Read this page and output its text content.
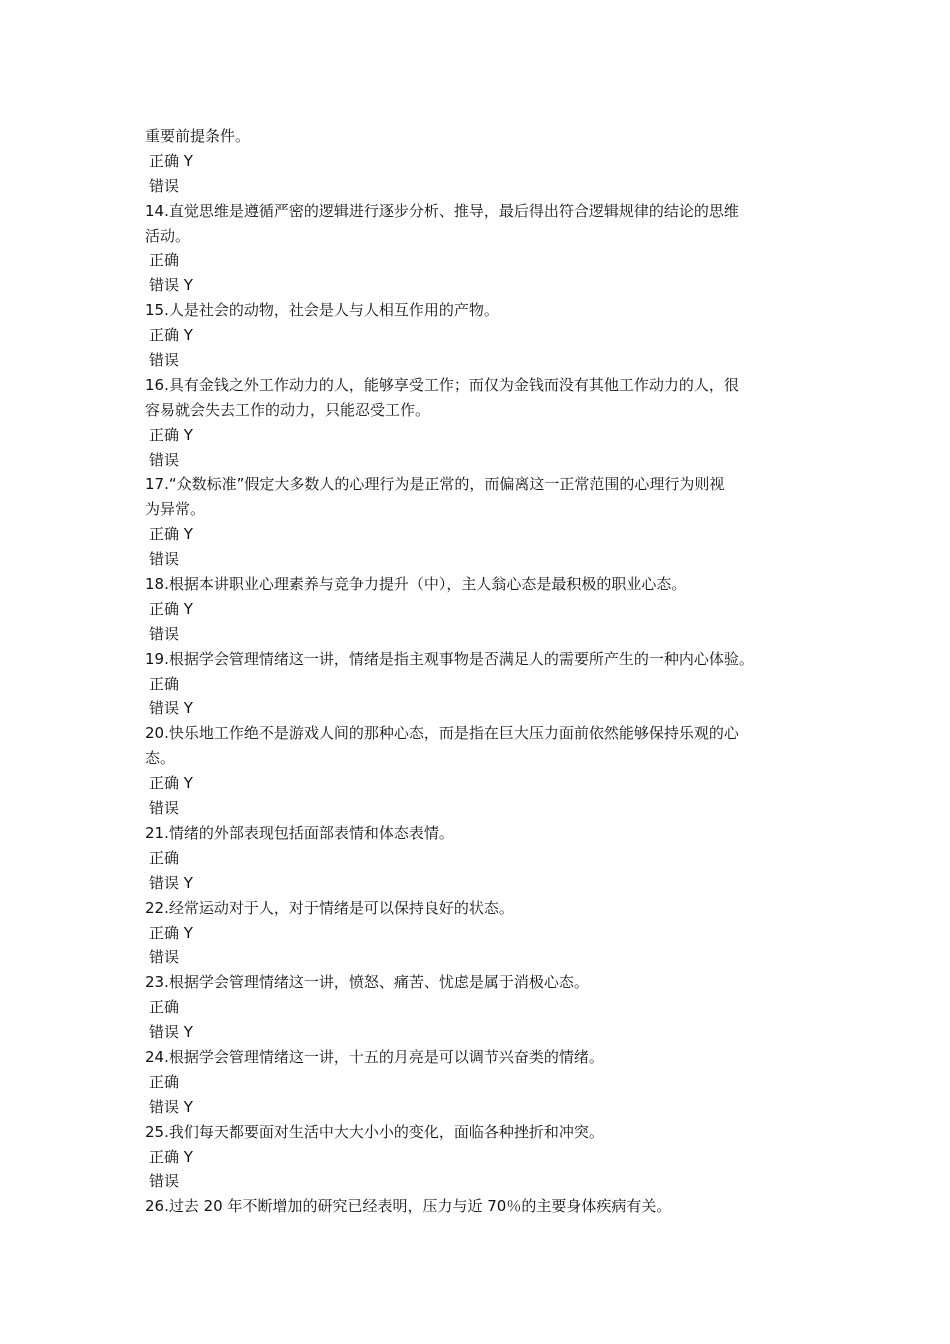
重要前提条件。
正确 Y
错误
14.直觉思维是遵循严密的逻辑进行逐步分析、推导，最后得出符合逻辑规律的结论的思维
活动。
正确
错误 Y
15.人是社会的动物，社会是人与人相互作用的产物。
正确 Y
错误
16.具有金钱之外工作动力的人，能够享受工作；而仅为金钱而没有其他工作动力的人，很
容易就会失去工作的动力，只能忍受工作。
正确 Y
错误
17.“众数标准”假定大多数人的心理行为是正常的，而偏离这一正常范围的心理行为则视
为异常。
正确 Y
错误
18.根据本讲职业心理素养与竞争力提升（中），主人翁心态是最积极的职业心态。
正确 Y
错误
19.根据学会管理情绪这一讲，情绪是指主观事物是否满足人的需要所产生的一种内心体验。
正确
错误 Y
20.快乐地工作绝不是游戏人间的那种心态，而是指在巨大压力面前依然能够保持乐观的心
态。
正确 Y
错误
21.情绪的外部表现包括面部表情和体态表情。
正确
错误 Y
22.经常运动对于人，对于情绪是可以保持良好的状态。
正确 Y
错误
23.根据学会管理情绪这一讲，愤怒、痛苦、忧虑是属于消极心态。
正确
错误 Y
24.根据学会管理情绪这一讲，十五的月亮是可以调节兴奋类的情绪。
正确
错误 Y
25.我们每天都要面对生活中大大小小的变化，面临各种挫折和冲突。
正确 Y
错误
26.过去 20 年不断增加的研究已经表明，压力与近 70％的主要身体疾病有关。
